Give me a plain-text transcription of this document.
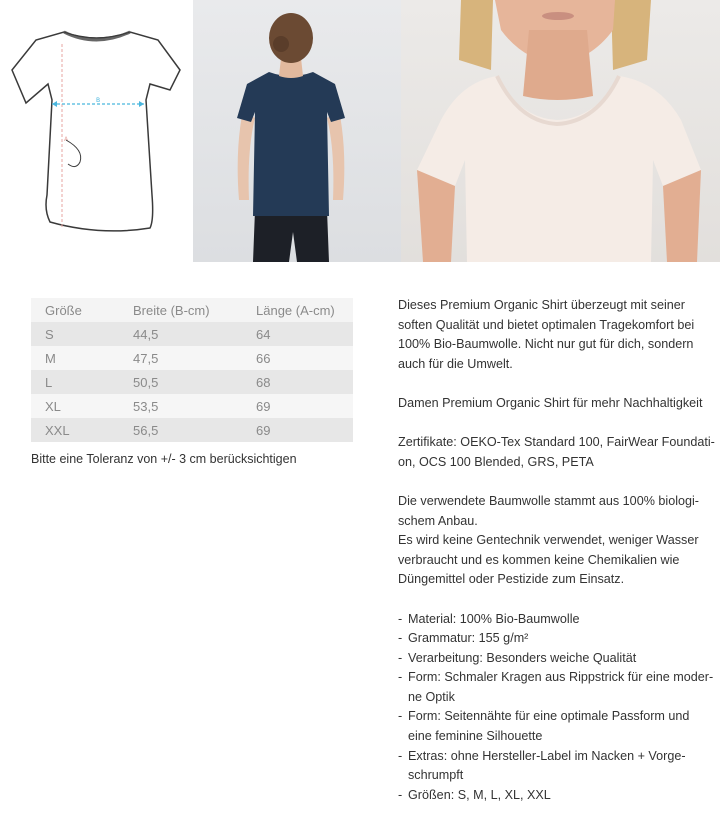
B
A
Größe	Breite (B-cm)	Länge (A-cm)
S	44,5	64
M	47,5	66
L	50,5	68
XL	53,5	69
XXL	56,5	69
Bitte eine Toleranz von +/- 3 cm berücksichtigen

Dieses Premium Organic Shirt überzeugt mit seiner
soften Qualität und bietet optimalen Tragekomfort bei
100% Bio-Baumwolle. Nicht nur gut für dich, sondern
auch für die Umwelt.

Damen Premium Organic Shirt für mehr Nachhaltigkeit

Zertifikate: OEKO-Tex Standard 100, FairWear Foundati-
on, OCS 100 Blended, GRS, PETA

Die verwendete Baumwolle stammt aus 100% biologi-
schem Anbau.
Es wird keine Gentechnik verwendet, weniger Wasser
verbraucht und es kommen keine Chemikalien wie
Düngemittel oder Pestizide zum Einsatz.

- Material: 100% Bio-Baumwolle
- Grammatur: 155 g/m²
- Verarbeitung: Besonders weiche Qualität
- Form: Schmaler Kragen aus Rippstrick für eine moder-
ne Optik
- Form: Seitennähte für eine optimale Passform und
eine feminine Silhouette
- Extras: ohne Hersteller-Label im Nacken + Vorge-
schrumpft
- Größen: S, M, L, XL, XXL
